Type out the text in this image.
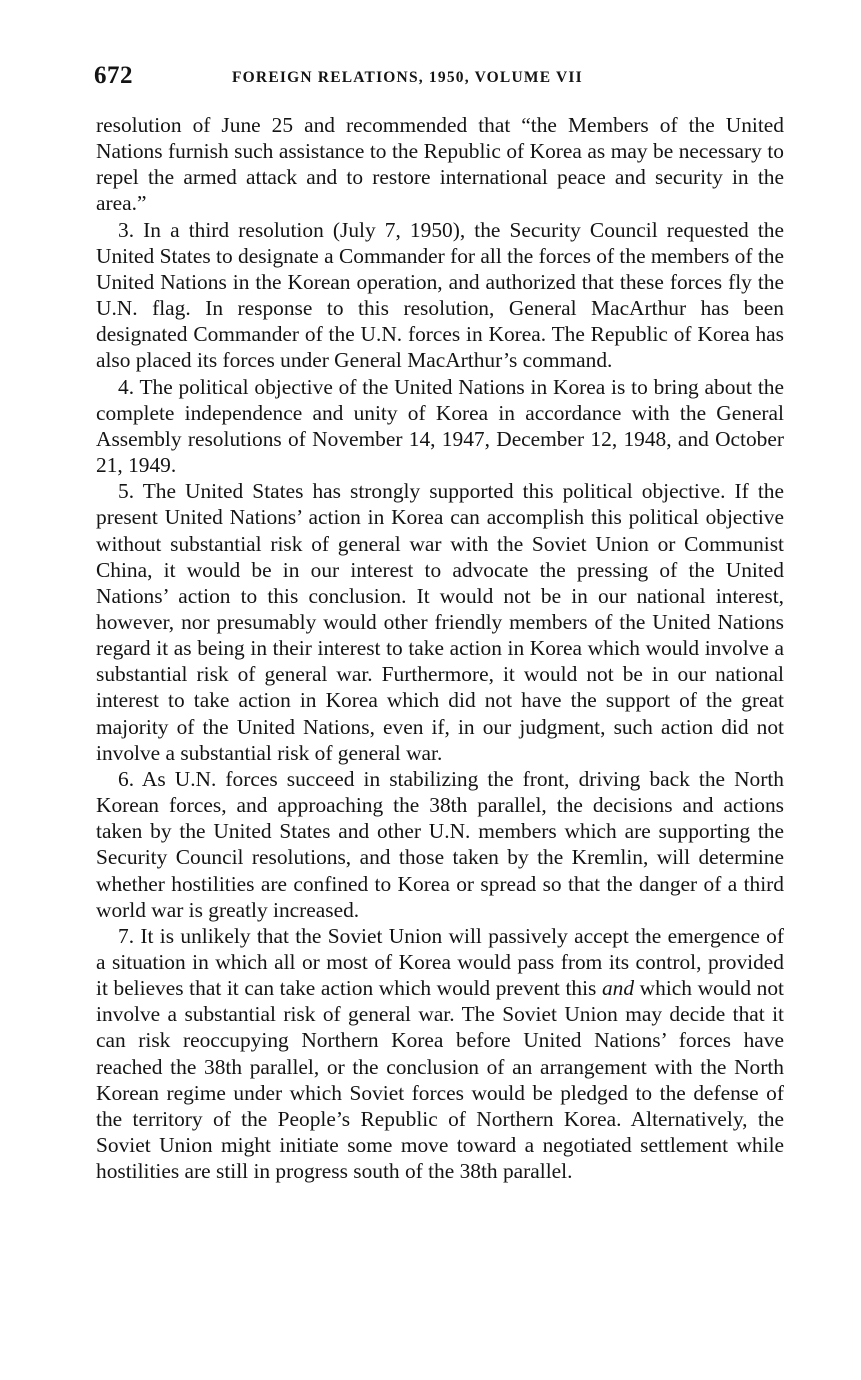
672	FOREIGN RELATIONS, 1950, VOLUME VII

resolution of June 25 and recommended that “the Members of the United Nations furnish such assistance to the Republic of Korea as may be necessary to repel the armed attack and to restore international peace and security in the area.”

3. In a third resolution (July 7, 1950), the Security Council requested the United States to designate a Commander for all the forces of the members of the United Nations in the Korean operation, and authorized that these forces fly the U.N. flag. In response to this resolution, General MacArthur has been designated Commander of the U.N. forces in Korea. The Republic of Korea has also placed its forces under General MacArthur’s command.

4. The political objective of the United Nations in Korea is to bring about the complete independence and unity of Korea in accordance with the General Assembly resolutions of November 14, 1947, December 12, 1948, and October 21, 1949.

5. The United States has strongly supported this political objective. If the present United Nations’ action in Korea can accomplish this political objective without substantial risk of general war with the Soviet Union or Communist China, it would be in our interest to advocate the pressing of the United Nations’ action to this conclusion. It would not be in our national interest, however, nor presumably would other friendly members of the United Nations regard it as being in their interest to take action in Korea which would involve a substantial risk of general war. Furthermore, it would not be in our national interest to take action in Korea which did not have the support of the great majority of the United Nations, even if, in our judgment, such action did not involve a substantial risk of general war.

6. As U.N. forces succeed in stabilizing the front, driving back the North Korean forces, and approaching the 38th parallel, the decisions and actions taken by the United States and other U.N. members which are supporting the Security Council resolutions, and those taken by the Kremlin, will determine whether hostilities are confined to Korea or spread so that the danger of a third world war is greatly increased.

7. It is unlikely that the Soviet Union will passively accept the emergence of a situation in which all or most of Korea would pass from its control, provided it believes that it can take action which would prevent this and which would not involve a substantial risk of general war. The Soviet Union may decide that it can risk reoccupying Northern Korea before United Nations’ forces have reached the 38th parallel, or the conclusion of an arrangement with the North Korean regime under which Soviet forces would be pledged to the defense of the territory of the People’s Republic of Northern Korea. Alternatively, the Soviet Union might initiate some move toward a negotiated settlement while hostilities are still in progress south of the 38th parallel.
